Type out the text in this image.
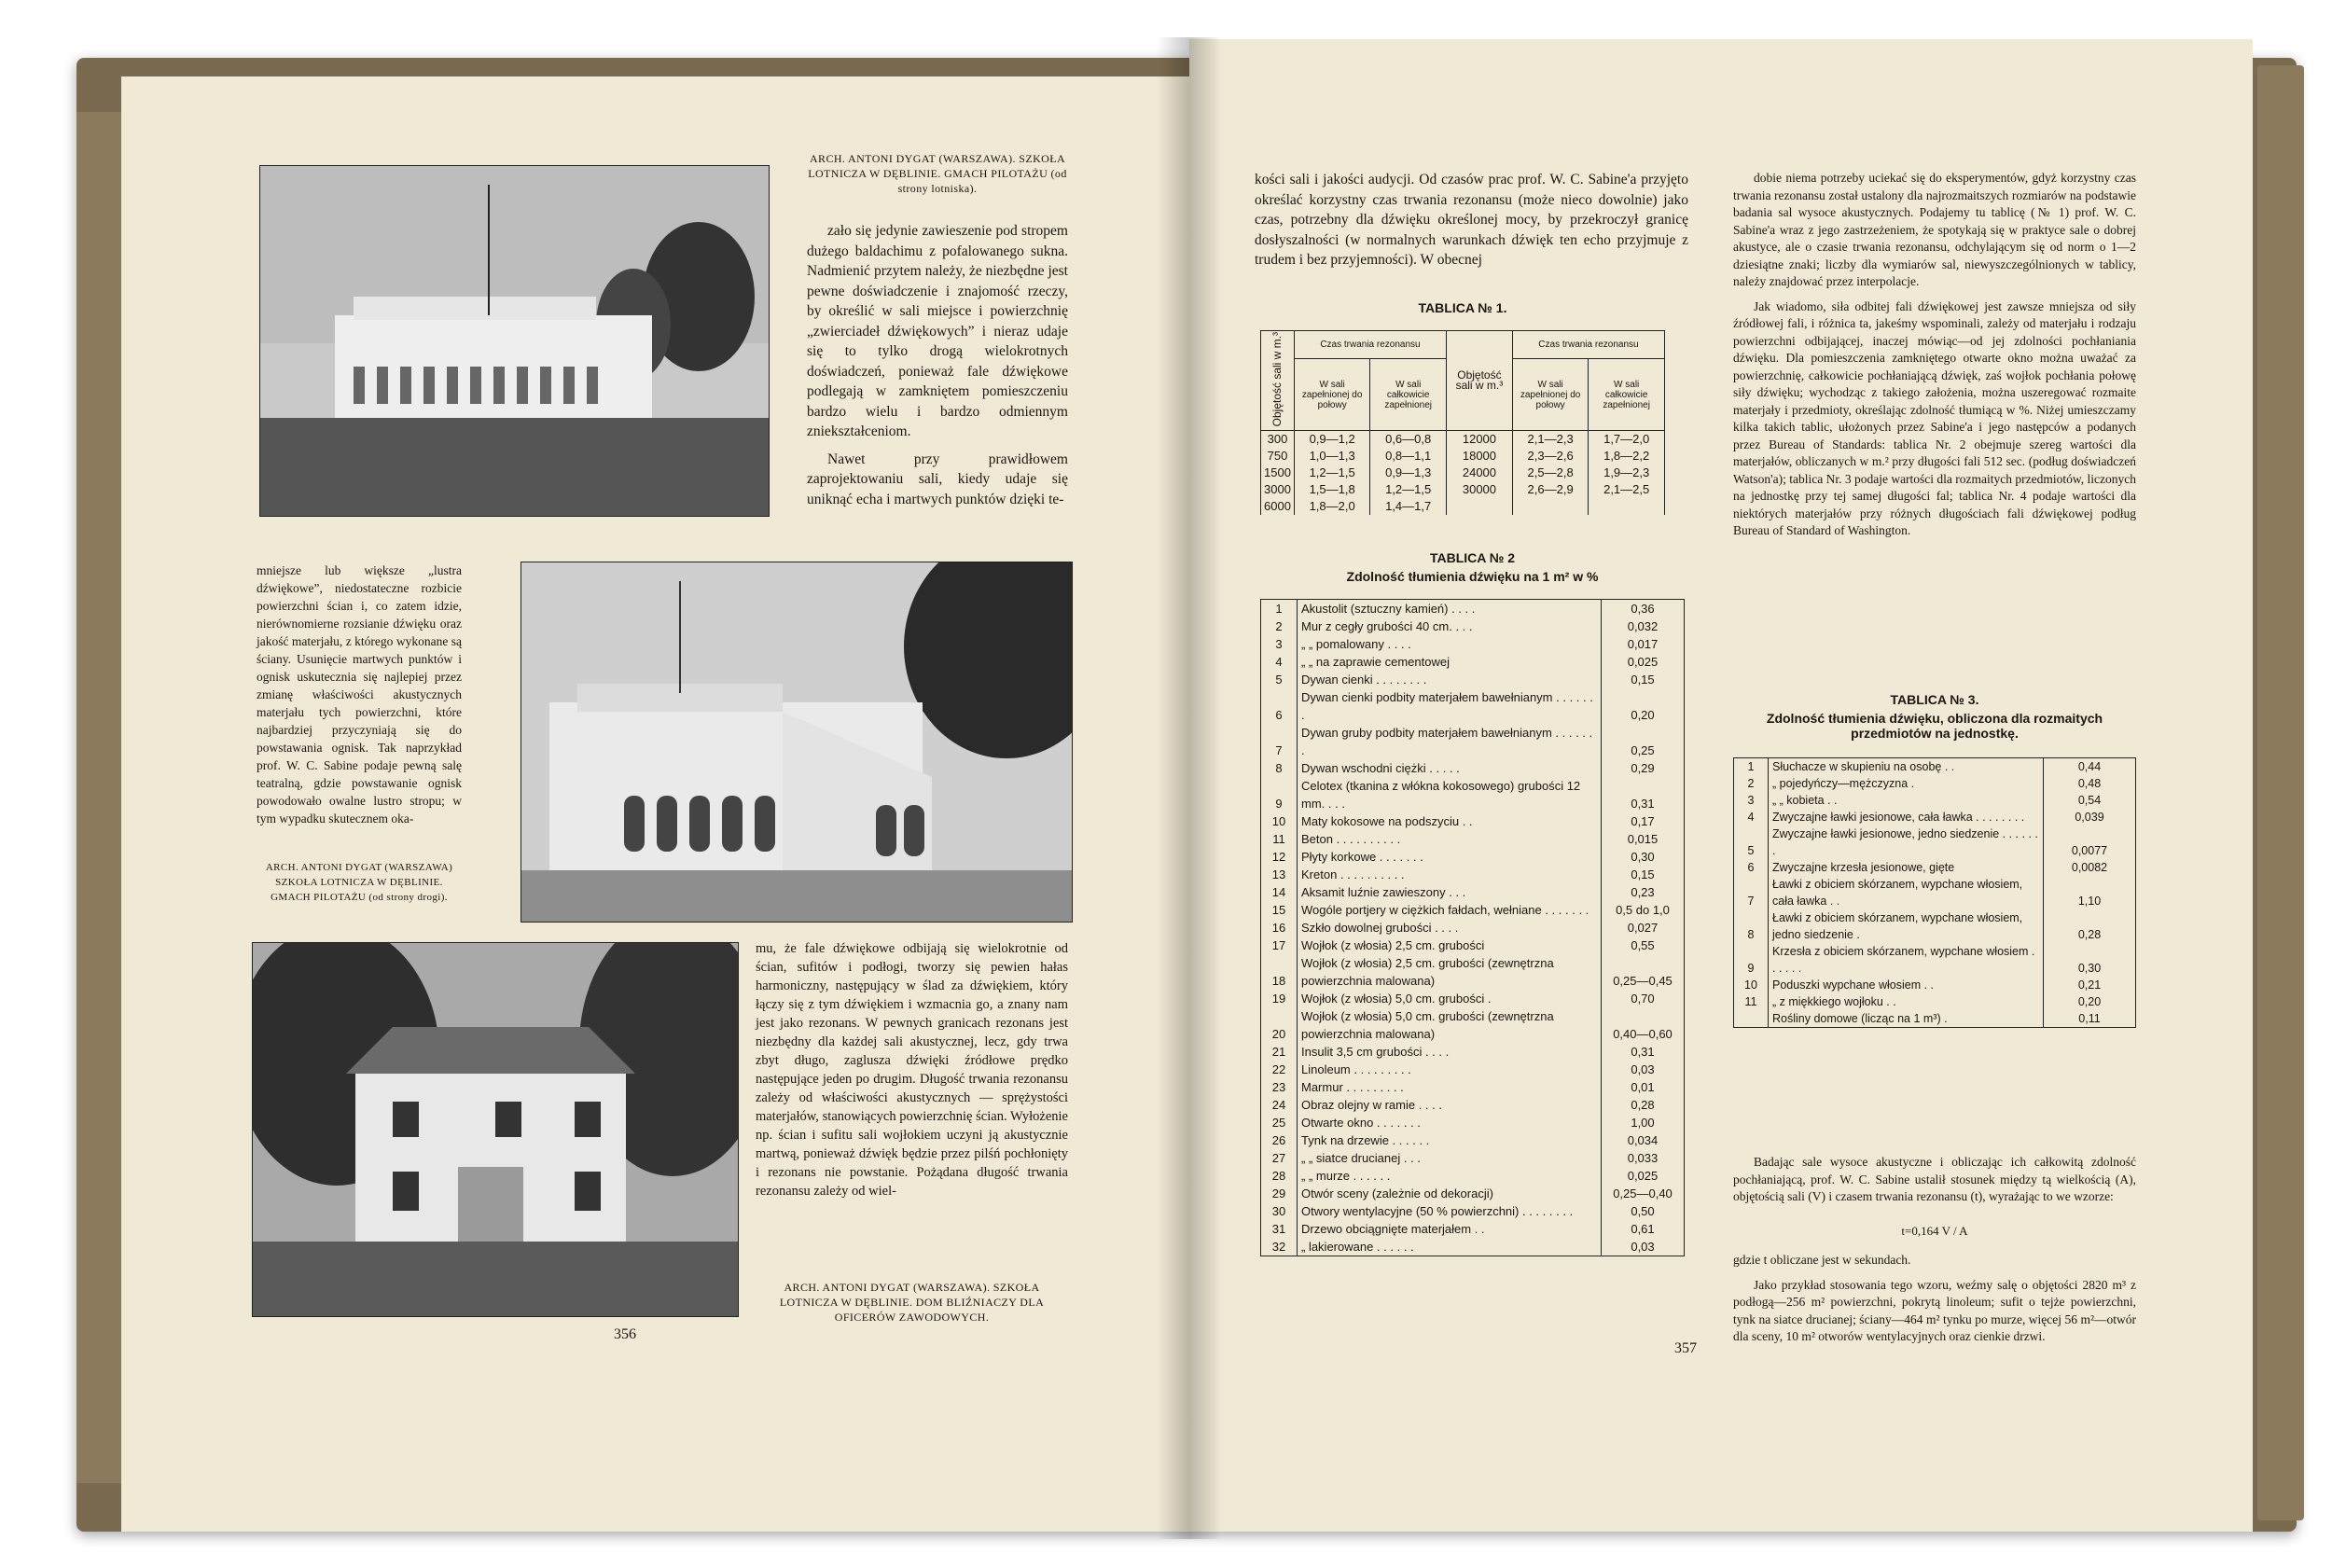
ARCH. ANTONI DYGAT (WARSZAWA). SZKOŁA LOTNICZA W DĘBLINIE. GMACH PILOTAŻU (od strony lotniska).

zało się jedynie zawieszenie pod stropem dużego baldachimu z pofalowanego sukna. Nadmienić przytem należy, że niezbędne jest pewne doświadczenie i znajomość rzeczy, by określić w sali miejsce i powierzchnię „zwierciadeł dźwiękowych” i nieraz udaje się to tylko drogą wielokrotnych doświadczeń, ponieważ fale dźwiękowe podlegają w zamkniętem pomieszczeniu bardzo wielu i bardzo odmiennym zniekształceniom.

Nawet przy prawidłowem zaprojektowaniu sali, kiedy udaje się uniknąć echa i martwych punktów dzięki te-

mniejsze lub większe „lustra dźwiękowe”, niedostateczne rozbicie powierzchni ścian i, co zatem idzie, nierównomierne rozsianie dźwięku oraz jakość materjału, z którego wykonane są ściany. Usunięcie martwych punktów i ognisk uskutecznia się najlepiej przez zmianę właściwości akustycznych materjału tych powierzchni, które najbardziej przyczyniają się do powstawania ognisk. Tak naprzykład prof. W. C. Sabine podaje pewną salę teatralną, gdzie powstawanie ognisk powodowało owalne lustro stropu; w tym wypadku skutecznem oka-

ARCH. ANTONI DYGAT (WARSZAWA) SZKOŁA LOTNICZA W DĘBLINIE. GMACH PILOTAŻU (od strony drogi).

mu, że fale dźwiękowe odbijają się wielokrotnie od ścian, sufitów i podłogi, tworzy się pewien hałas harmoniczny, następujący w ślad za dźwiękiem, który łączy się z tym dźwiękiem i wzmacnia go, a znany nam jest jako rezonans. W pewnych granicach rezonans jest niezbędny dla każdej sali akustycznej, lecz, gdy trwa zbyt długo, zaglusza dźwięki źródłowe prędko następujące jeden po drugim. Długość trwania rezonansu zależy od właściwości akustycznych — sprężystości materjałów, stanowiących powierzchnię ścian. Wyłożenie np. ścian i sufitu sali wojłokiem uczyni ją akustycznie martwą, ponieważ dźwięk będzie przez pilśń pochłonięty i rezonans nie powstanie. Pożądana długość trwania rezonansu zależy od wiel-

ARCH. ANTONI DYGAT (WARSZAWA). SZKOŁA LOTNICZA W DĘBLINIE. DOM BLIŹNIACZY DLA OFICERÓW ZAWODOWYCH.
356

kości sali i jakości audycji. Od czasów prac prof. W. C. Sabine'a przyjęto określać korzystny czas trwania rezonansu (może nieco dowolnie) jako czas, potrzebny dla dźwięku określonej mocy, by przekroczył granicę dosłyszalności (w normalnych warunkach dźwięk ten echo przyjmuje z trudem i bez przyjemności). W obecnej

TABLICA № 1.
Objętość sali w m.³	Czas trwania rezonansu		Objętość sali w m.³	Czas trwania rezonansu	
	W sali zapełnionej do połowy	W sali całkowicie zapełnionej		W sali zapełnionej do połowy	W sali całkowicie zapełnionej
300	0,9—1,2	0,6—0,8	12000	2,1—2,3	1,7—2,0
750	1,0—1,3	0,8—1,1	18000	2,3—2,6	1,8—2,2
1500	1,2—1,5	0,9—1,3	24000	2,5—2,8	1,9—2,3
3000	1,5—1,8	1,2—1,5	30000	2,6—2,9	2,1—2,5
6000	1,8—2,0	1,4—1,7			
TABLICA № 2
Zdolność tłumienia dźwięku na 1 m² w %
1	Akustolit (sztuczny kamień) . . . .	0,36
2	Mur z cegły grubości 40 cm. . . .	0,032
3	„ „ pomalowany . . . .	0,017
4	„ „ na zaprawie cementowej	0,025
5	Dywan cienki . . . . . . . .	0,15
6	Dywan cienki podbity materjałem bawełnianym . . . . . . .	0,20
7	Dywan gruby podbity materjałem bawełnianym . . . . . . .	0,25
8	Dywan wschodni ciężki . . . . .	0,29
9	Celotex (tkanina z włókna kokosowego) grubości 12 mm. . . .	0,31
10	Maty kokosowe na podszyciu . .	0,17
11	Beton . . . . . . . . . .	0,015
12	Płyty korkowe . . . . . . .	0,30
13	Kreton . . . . . . . . . .	0,15
14	Aksamit luźnie zawieszony . . .	0,23
15	Wogóle portjery w ciężkich fałdach, wełniane . . . . . . .	0,5 do 1,0
16	Szkło dowolnej grubości . . . .	0,027
17	Wojłok (z włosia) 2,5 cm. grubości	0,55
18	Wojłok (z włosia) 2,5 cm. grubości (zewnętrzna powierzchnia malowana)	0,25—0,45
19	Wojłok (z włosia) 5,0 cm. grubości .	0,70
20	Wojłok (z włosia) 5,0 cm. grubości (zewnętrzna powierzchnia malowana)	0,40—0,60
21	Insulit 3,5 cm grubości . . . .	0,31
22	Linoleum . . . . . . . . .	0,03
23	Marmur . . . . . . . . .	0,01
24	Obraz olejny w ramie . . . .	0,28
25	Otwarte okno . . . . . . .	1,00
26	Tynk na drzewie . . . . . .	0,034
27	„ „ siatce drucianej . . .	0,033
28	„ „ murze . . . . . .	0,025
29	Otwór sceny (zależnie od dekoracji)	0,25—0,40
30	Otwory wentylacyjne (50 % powierzchni) . . . . . . . .	0,50
31	Drzewo obciągnięte materjałem . .	0,61
32	„ lakierowane . . . . . .	0,03

dobie niema potrzeby uciekać się do eksperymentów, gdyż korzystny czas trwania rezonansu został ustalony dla najrozmaitszych rozmiarów na podstawie badania sal wysoce akustycznych. Podajemy tu tablicę (№ 1) prof. W. C. Sabine'a wraz z jego zastrzeżeniem, że spotykają się w praktyce sale o dobrej akustyce, ale o czasie trwania rezonansu, odchylającym się od norm o 1—2 dziesiątne znaki; liczby dla wymiarów sal, niewyszczególnionych w tablicy, należy znajdować przez interpolacje.

Jak wiadomo, siła odbitej fali dźwiękowej jest zawsze mniejsza od siły źródłowej fali, i różnica ta, jakeśmy wspominali, zależy od materjału i rodzaju powierzchni odbijającej, inaczej mówiąc—od jej zdolności pochłaniania dźwięku. Dla pomieszczenia zamkniętego otwarte okno można uważać za powierzchnię, całkowicie pochłaniającą dźwięk, zaś wojłok pochłania połowę siły dźwięku; wychodząc z takiego założenia, można uszeregować rozmaite materjały i przedmioty, określając zdolność tłumiącą w %. Niżej umieszczamy kilka takich tablic, ułożonych przez Sabine'a i jego następców a podanych przez Bureau of Standards: tablica Nr. 2 obejmuje szereg wartości dla materjałów, obliczanych w m.² przy długości fali 512 sec. (podług doświadczeń Watson'a); tablica Nr. 3 podaje wartości dla rozmaitych przedmiotów, liczonych na jednostkę przy tej samej długości fal; tablica Nr. 4 podaje wartości dla niektórych materjałów przy różnych długościach fali dźwiękowej podług Bureau of Standard of Washington.

TABLICA № 3.
Zdolność tłumienia dźwięku, obliczona dla rozmaitych przedmiotów na jednostkę.
1	Słuchacze w skupieniu na osobę . .	0,44
2	„ pojedyńczy—mężczyzna .	0,48
3	„ „ kobieta . .	0,54
4	Zwyczajne ławki jesionowe, cała ławka . . . . . . . .	0,039
5	Zwyczajne ławki jesionowe, jedno siedzenie . . . . . . .	0,0077
6	Zwyczajne krzesła jesionowe, gięte	0,0082
7	Ławki z obiciem skórzanem, wypchane włosiem, cała ławka . .	1,10
8	Ławki z obiciem skórzanem, wypchane włosiem, jedno siedzenie .	0,28
9	Krzesła z obiciem skórzanem, wypchane włosiem . . . . . .	0,30
10	Poduszki wypchane włosiem . .	0,21
11	„ z miękkiego wojłoku . .	0,20
	Rośliny domowe (licząc na 1 m³) .	0,11

Badając sale wysoce akustyczne i obliczając ich całkowitą zdolność pochłaniającą, prof. W. C. Sabine ustalił stosunek między tą wielkością (A), objętością sali (V) i czasem trwania rezonansu (t), wyrażając to we wzorze:

t=0,164 V / A

gdzie t obliczane jest w sekundach.

Jako przykład stosowania tego wzoru, weźmy salę o objętości 2820 m³ z podłogą—256 m² powierzchni, pokrytą linoleum; sufit o tejże powierzchni, tynk na siatce drucianej; ściany—464 m² tynku po murze, więcej 56 m²—otwór dla sceny, 10 m² otworów wentylacyjnych oraz cienkie drzwi.

357
